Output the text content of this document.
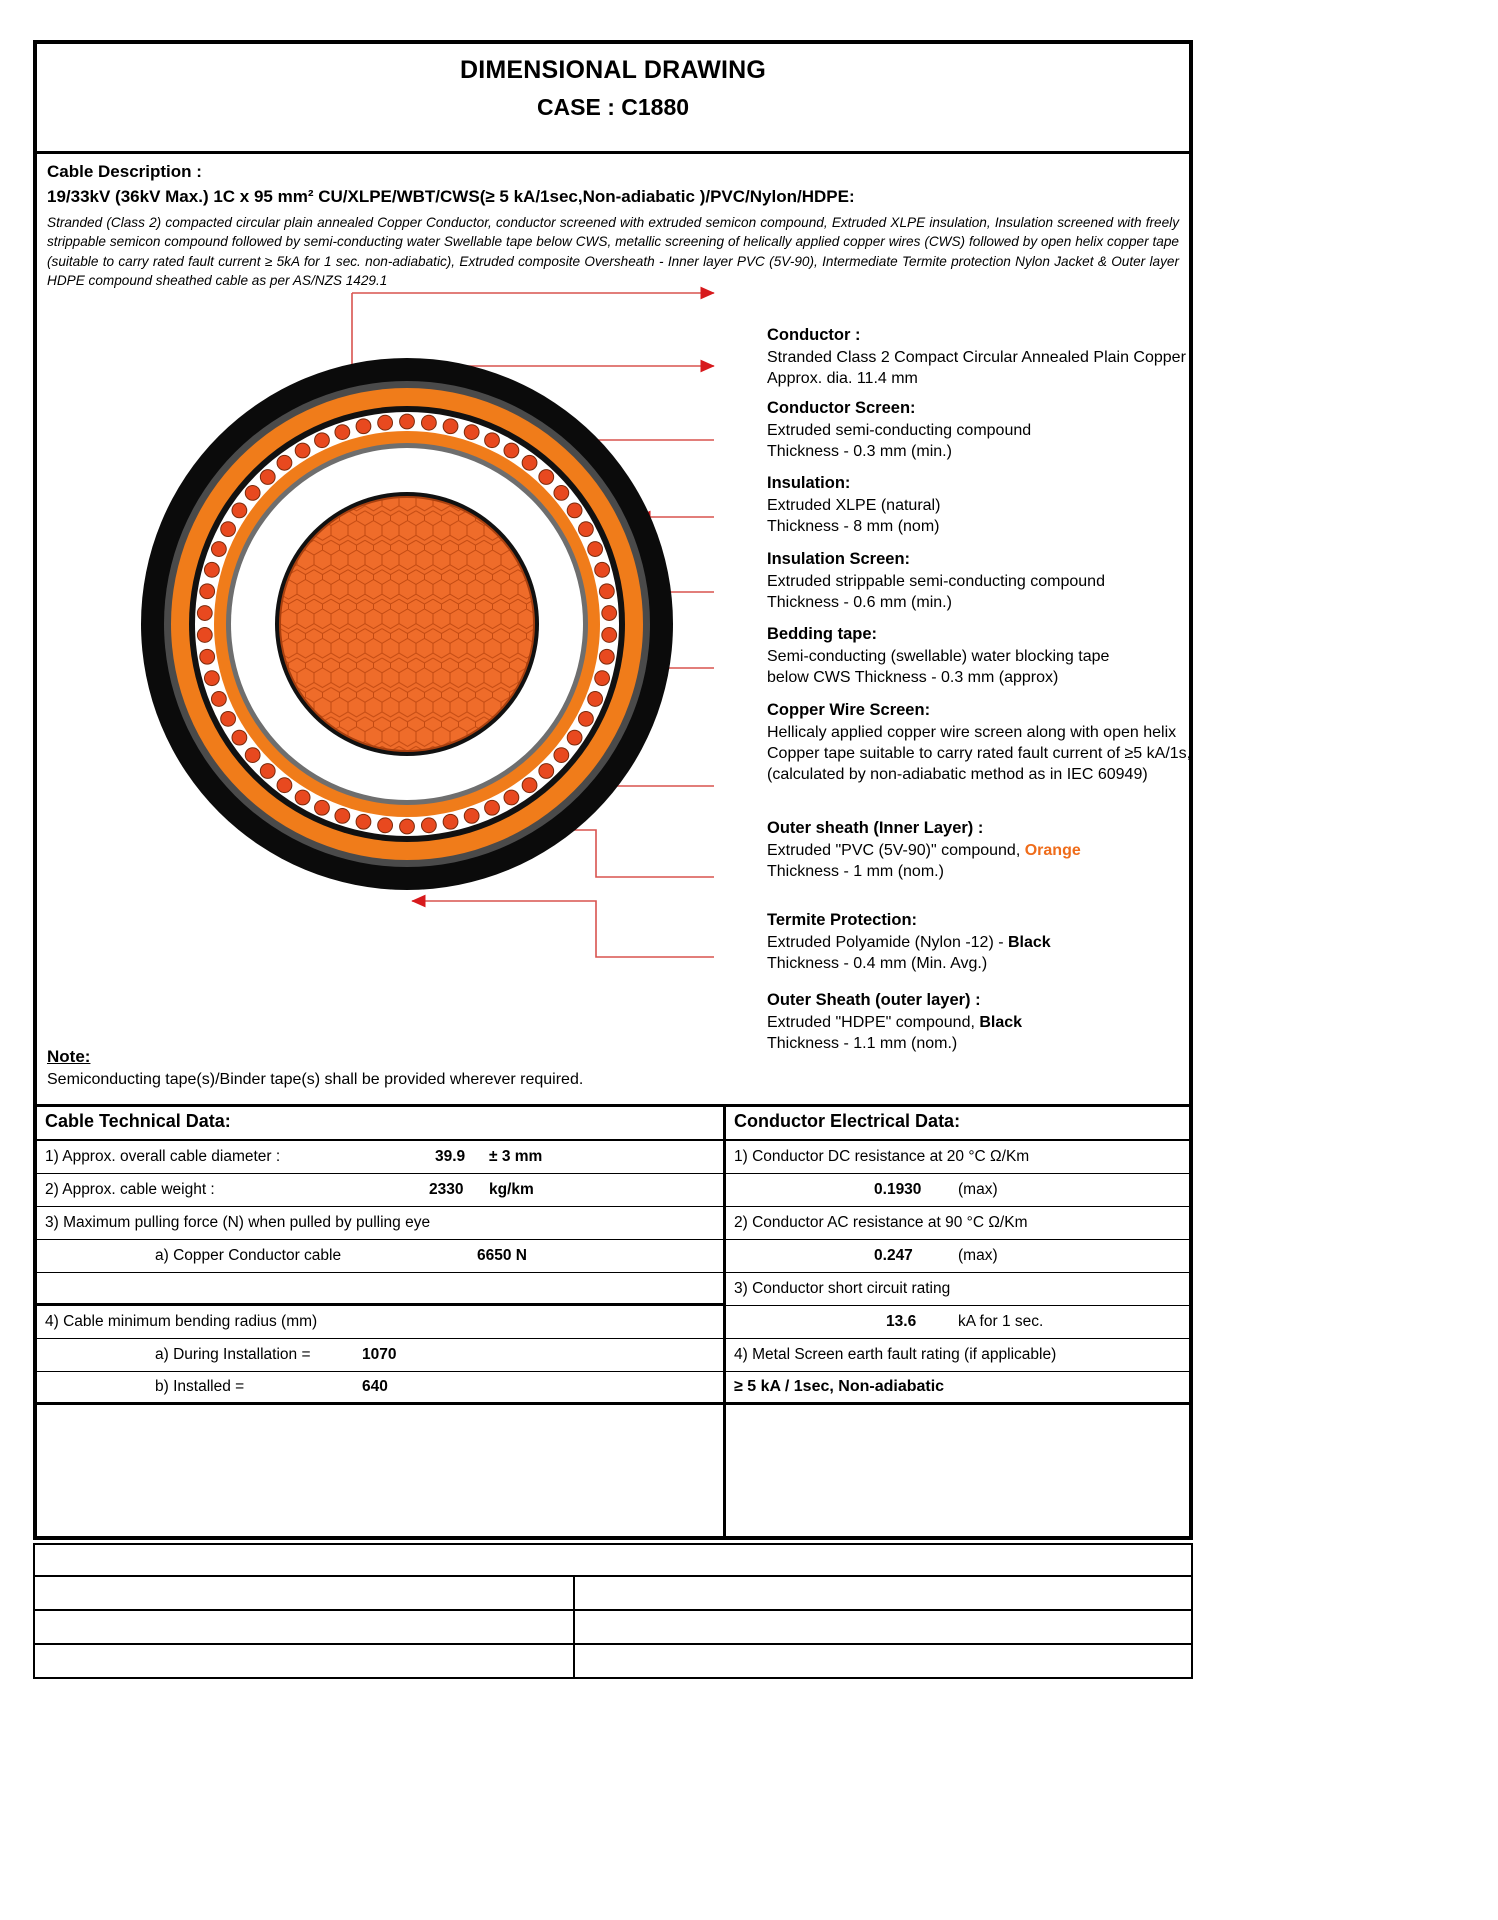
DIMENSIONAL DRAWING
CASE : C1880
Cable Description :
19/33kV (36kV Max.) 1C x 95 mm² CU/XLPE/WBT/CWS(≥ 5 kA/1sec,Non-adiabatic )/PVC/Nylon/HDPE:
Stranded (Class 2) compacted circular plain annealed Copper Conductor, conductor screened with extruded semicon compound, Extruded XLPE insulation, Insulation screened with freely strippable semicon compound followed by semi-conducting water Swellable tape below CWS, metallic screening of helically applied copper wires (CWS) followed by open helix copper tape (suitable to carry rated fault current ≥ 5kA for 1 sec. non-adiabatic), Extruded composite Oversheath - Inner layer PVC (5V-90), Intermediate Termite protection Nylon Jacket & Outer layer HDPE compound sheathed cable as per AS/NZS 1429.1
Conductor :
Stranded Class 2 Compact Circular Annealed Plain Copper
Approx. dia. 11.4 mm
Conductor Screen:
Extruded semi-conducting compound
Thickness - 0.3 mm (min.)
Insulation:
Extruded XLPE (natural)
Thickness - 8 mm (nom)
Insulation Screen:
Extruded strippable semi-conducting compound
Thickness - 0.6 mm (min.)
Bedding tape:
Semi-conducting (swellable) water blocking tape
below CWS Thickness - 0.3 mm (approx)
Copper Wire Screen:
Hellicaly applied copper wire screen along with open helix
Copper tape suitable to carry rated fault current of ≥5 kA/1s,
(calculated by non-adiabatic method as in IEC 60949)
Outer sheath (Inner Layer) :
Extruded "PVC (5V-90)" compound, Orange
Thickness - 1 mm (nom.)
Termite Protection:
Extruded Polyamide (Nylon -12) - Black
Thickness - 0.4 mm (Min. Avg.)
Outer Sheath (outer layer) :
Extruded "HDPE" compound, Black
Thickness - 1.1 mm (nom.)
Note:
Semiconducting tape(s)/Binder tape(s) shall be provided wherever required.
Cable Technical Data:
1) Approx. overall cable diameter :	39.9 ± 3 mm
2) Approx. cable weight :	2330 kg/km
3) Maximum pulling force (N) when pulled by pulling eye
a) Copper Conductor cable	6650 N
4) Cable minimum bending radius (mm)
a) During Installation =	1070
b) Installed =	640
Conductor Electrical Data:
1) Conductor DC resistance at 20 °C Ω/Km
0.1930 (max)
2) Conductor AC resistance at 90 °C Ω/Km
0.247	(max)
3) Conductor short circuit rating
13.6	kA for 1 sec.
4) Metal Screen earth fault rating (if applicable)
≥ 5 kA / 1sec, Non-adiabatic
